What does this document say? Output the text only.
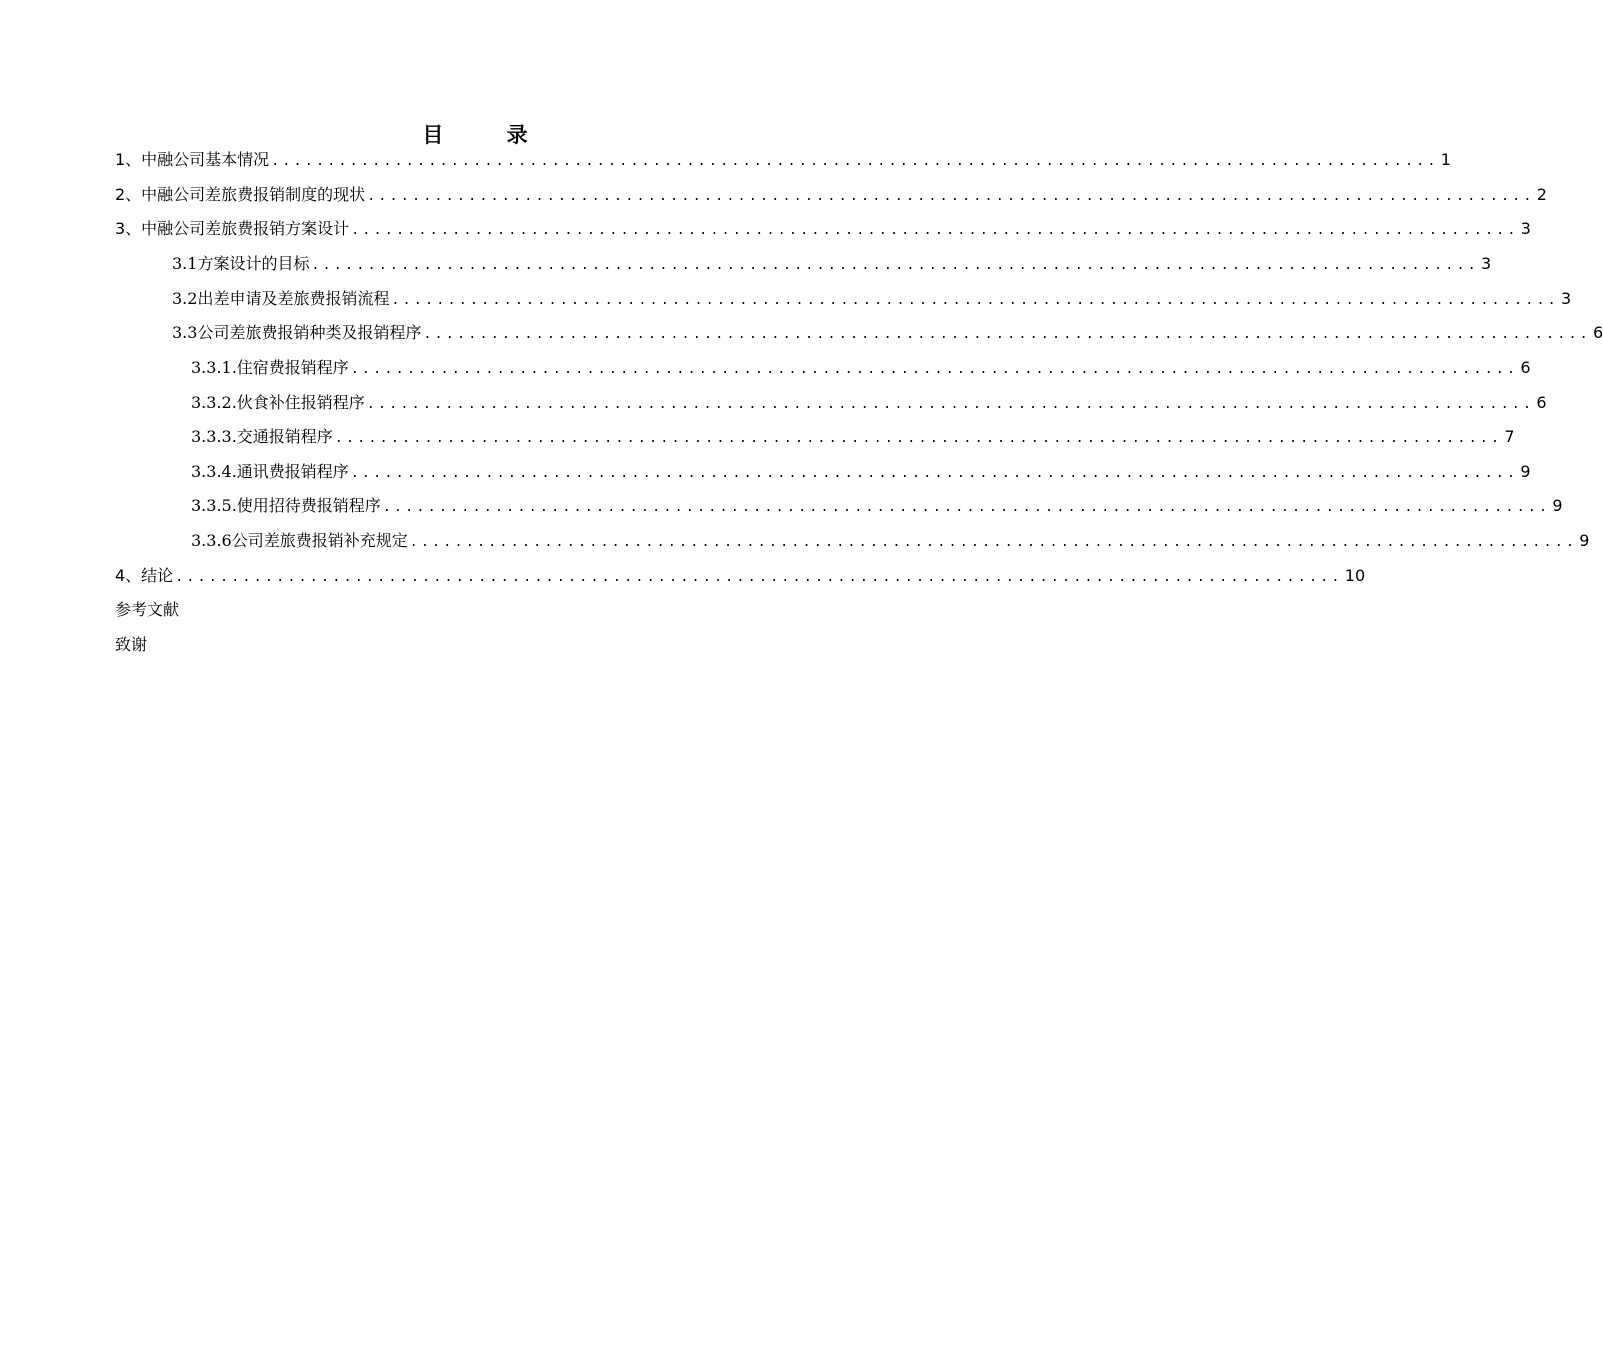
目 录
1、中融公司基本情况 ........................................................................................................ 1
2、中融公司差旅费报销制度的现状 ........................................................................................................ 2
3、中融公司差旅费报销方案设计 ........................................................................................................ 3
3.1方案设计的目标 ........................................................................................................ 3
3.2出差申请及差旅费报销流程 ........................................................................................................ 3
3.3公司差旅费报销种类及报销程序 ........................................................................................................ 6
3.3.1.住宿费报销程序 ........................................................................................................ 6
3.3.2.伙食补住报销程序 ........................................................................................................ 6
3.3.3.交通报销程序 ........................................................................................................ 7
3.3.4.通讯费报销程序 ........................................................................................................ 9
3.3.5.使用招待费报销程序 ........................................................................................................ 9
3.3.6公司差旅费报销补充规定 ........................................................................................................ 9
4、结论 ........................................................................................................ 10
参考文献
致谢
